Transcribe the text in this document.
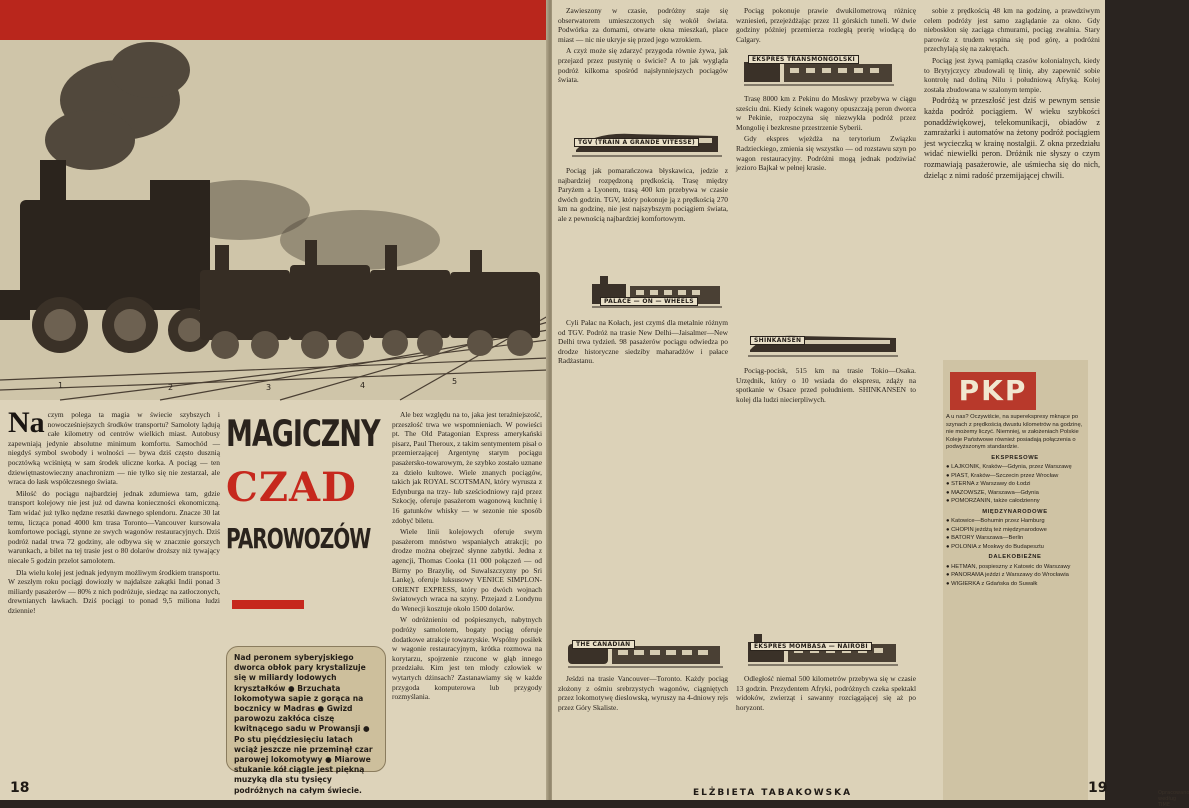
1	2	3	4	5

Na czym polega ta magia w świecie szybszych i nowocześniejszych środków transportu? Samoloty lądują całe kilometry od centrów wielkich miast. Autobusy zapewniają jedynie absolutne minimum komfortu. Samochód — niegdyś symbol swobody i wolności — bywa dziś często dusznią pocztówką wciśniętą w sam środek uliczne korka. A pociąg — ten dziewiętnastowieczny anachronizm — nie tylko się nie zestarzał, ale wraca do łask współczesnego świata.

Miłość do pociągu najbardziej jednak zdumiewa tam, gdzie transport kolejowy nie jest już od dawna konieczności ekonomiczną. Tam widać już tylko nędzne resztki dawnego splendoru. Znacze 30 lat temu, licząca ponad 4000 km trasa Toronto—Vancouver kursowała komfortowe pociągi, stynne ze swych wagonów restauracyjnych. Dziś podróż nadal trwa 72 godziny, ale odbywa się w znacznie gorszych warunkach, a bilet na tej trasie jest o 80 dolarów droższy niż tywający niecałe 5 godzin przelot samolotem.

Dla wielu kolej jest jednak jedynym możliwym środkiem transportu. W zeszłym roku pociągi dowiozły w najdalsze zakątki Indii ponad 3 miliardy pasażerów — 80% z nich podróżuje, siedząc na zatłoczonych, drewnianych ławkach. Dziś pociągi to ponad 9,5 miliona ludzi dziennie!

MAGICZNY
CZAD
PAROWOZÓW
Nad peronem syberyjskiego dworca obłok pary krystalizuje się w miliardy lodowych kryształków ● Brzuchata lokomotywa sapie z gorąca na bocznicy w Madras ● Gwizd parowozu zakłóca ciszę kwitnącego sadu w Prowansji ● Po stu pięćdziesięciu latach wciąż jeszcze nie przeminął czar parowej lokomotywy ● Miarowe stukanie kół ciągle jest piękną muzyką dla stu tysięcy podróżnych na całym świecie.

Ale bez względu na to, jaka jest teraźniejszość, przeszłość trwa we wspomnieniach. W powieści pt. The Old Patagonian Express amerykański pisarz, Paul Theroux, z takim sentymentem pisał o przemierzającej Argentynę starym pociągu pasażersko-towarowym, że szybko zostało uznane za dzieło kultowe. Wiele znanych pociągów, takich jak ROYAL SCOTSMAN, który wyrusza z Edynburga na trzy- lub sześciodniowy rajd przez Szkocję, oferuje pasażerom wagonową kuchnię i 16 gatunków whisky — w sezonie nie sposób zdobyć biletu.

Wiele linii kolejowych oferuje swym pasażerom mnóstwo wspaniałych atrakcji; po drodze można obejrzeć słynne zabytki. Jedna z agencji, Thomas Cooka (11 000 połączeń — od Birmy po Brazylię, od Suwalszczyzny po Sri Lankę), oferuje luksusowy VENICE SIMPLON-ORIENT EXPRESS, który po dwóch wojnach światowych wraca na szyny. Przejazd z Londynu do Wenecji kosztuje około 1500 dolarów.

W odróżnieniu od pośpiesznych, nabytnych podróży samolotem, bogaty pociąg oferuje dodatkowe atrakcje towarzyskie. Wspólny posiłek w wagonie restauracyjnym, krótka rozmowa na korytarzu, spojrzenie rzucone w głąb innego przedziału. Kim jest ten młody człowiek w wytartych dżinsach? Zastanawiamy się w każde przygoda komputerowa lub przygody rozmyślania.

18

Zawieszony w czasie, podróżny staje się obserwatorem umieszczonych się wokół świata. Podwórka za domami, otwarte okna mieszkań, place miast — nic nie ukryje się przed jego wzrokiem.

A czyż może się zdarzyć przygoda równie żywa, jak przejazd przez pustynię o świcie? A to jak wygląda podróż kilkoma spośród najsłynniejszych pociągów świata.

TGV (TRAIN À GRANDE VITESSE)

Pociąg jak pomarańczowa błyskawica, jedzie z najbardziej rozpędzoną prędkością. Trasę między Paryżem a Lyonem, trasą 400 km przebywa w czasie dwóch godzin. TGV, który pokonuje ją z prędkością 270 km na godzinę, nie jest najszybszym pociągiem świata, ale z pewnością najbardziej komfortowym.

PALACE — ON — WHEELS

Cyli Pałac na Kołach, jest czymś dla metalnie różnym od TGV. Podróż na trasie New Delhi—Jaisalmer—New Delhi trwa tydzień. 98 pasażerów pociągu odwiedza po drodze historyczne siedziby maharadżów i pałace Radżastanu.

THE CANADIAN

Jeśdzi na trasie Vancouver—Toronto. Każdy pociąg złożony z ośmiu srebrzystych wagonów, ciągniętych przez lokomotywę dieslowską, wyruszy na 4-dniowy rejs przez Góry Skaliste.

Pociąg pokonuje prawie dwukilometrową różnicę wzniesień, przejeżdżając przez 11 górskich tuneli. W dwie godziny później przemierza rozległą prerię wiodącą do Calgary.

EKSPRES TRANSMONGOLSKI

Trasę 8000 km z Pekinu do Moskwy przebywa w ciągu sześciu dni. Kiedy ścinek wagony opuszczają peron dworca w Pekinie, rozpoczyna się niezwykła podróż przez Mongolię i bezkresne przestrzenie Syberii.

Gdy ekspres wjeżdża na terytorium Związku Radzieckiego, zmienia się wszystko — od rozstawu szyn po wagon restauracyjny. Podróżni mogą jednak podziwiać jezioro Bajkał w pełnej krasie.

SHINKANSEN

Pociąg-pocisk, 515 km na trasie Tokio—Osaka. Urzędnik, który o 10 wsiada do ekspresu, zdąży na spotkanie w Osace przed południem. SHINKANSEN to kolej dla ludzi niecierpliwych.

EKSPRES MOMBASA — NAIROBI

Odległość niemal 500 kilometrów przebywa się w czasie 13 godzin. Prezydentem Afryki, podróżnych czeka spektakl widoków, zwierząt i sawanny rozciągającej się aż po horyzont.

sobie z prędkością 48 km na godzinę, a prawdziwym celem podróży jest samo zaglądanie za okno. Gdy nieboskłon się zaciąga chmurami, pociąg zwalnia. Stary parowóz z trudem wspina się pod górę, a podróżni przechylają się na zakrętach.

Pociąg jest żywą pamiątką czasów kolonialnych, kiedy to Brytyjczycy zbudowali tę linię, aby zapewnić sobie kontrolę nad doliną Nilu i południową Afryką. Kolej została zbudowana w szalonym tempie.

Podróżą w przeszłość jest dziś w pewnym sensie każda podróż pociągiem. W wieku szybkości ponaddźwiękowej, telekomunikacji, obiadów z zamrażarki i automatów na żetony podróż pociągiem jest wycieczką w krainę nostalgii. Z okna przedziału widać niewielki peron. Dróżnik nie słyszy o czym rozmawiają pasażerowie, ale uśmiecha się do nich, dzieląc z nimi radość przemijającej chwili.

Opracowano według TIME
19
ELŻBIETA TABAKOWSKA
PKP

A u nas? Oczywiście, na superekspresy mknące po szynach z prędkością dwustu kilometrów na godzinę, nie możemy liczyć. Niemniej, w założeniach Polskie Koleje Państwowe również posiadają połączenia o podwyższonym standardzie.

EKSPRESOWE

● LAJKONIK, Kraków—Gdynia, przez Warszawę

● PIAST, Kraków—Szczecin przez Wrocław

● STERNA z Warszawy do Łodzi

● MAZOWSZE, Warszawa—Gdynia

● POMORZANIN, także całodzienny

MIĘDZYNARODOWE

● Katowice—Bohumin przez Hamburg

● CHOPIN jeżdżą też międzynarodowe

● BATORY Warszawa—Berlin

● POLONIA z Moskwy do Budapesztu

DALEKOBIEŻNE

● HETMAN, pospieszny z Katowic do Warszawy

● PANORAMA jeździ z Warszawy do Wrocławia

● WIGIERKA z Gdańska do Suwałk
